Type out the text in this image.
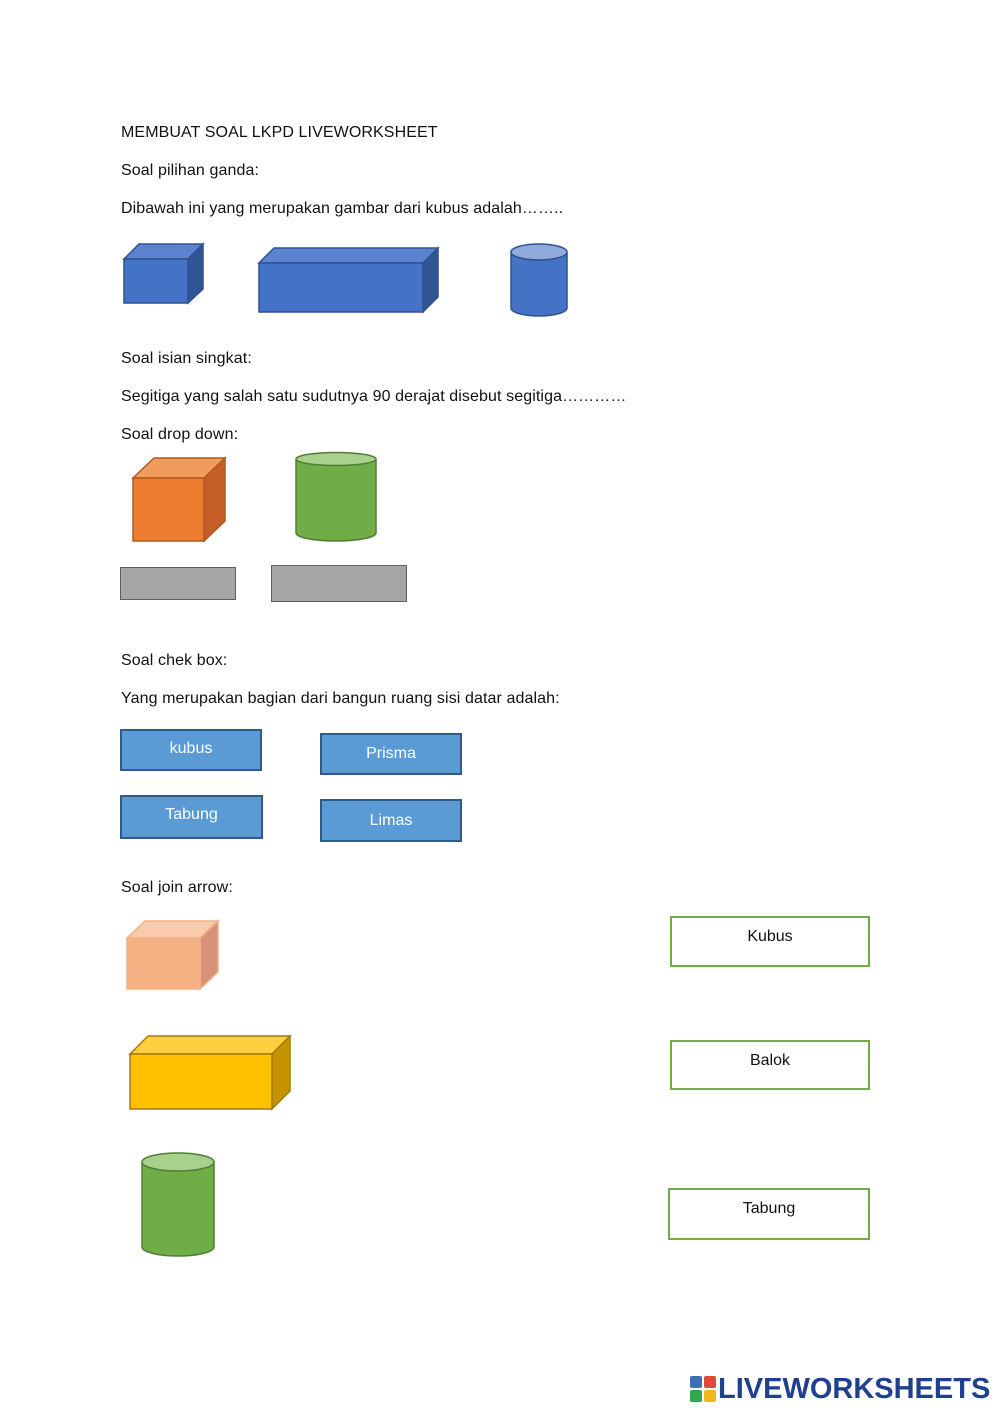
MEMBUAT SOAL LKPD LIVEWORKSHEET
Soal pilihan ganda:
Dibawah ini yang merupakan gambar dari kubus adalah……..
Soal isian singkat:
Segitiga yang salah satu sudutnya 90 derajat disebut segitiga…………
Soal drop down:
Soal chek box:
Yang merupakan bagian dari bangun ruang sisi datar adalah:
kubus	Prisma
Tabung	Limas
Soal join arrow:
Kubus
Balok
Tabung
LIVEWORKSHEETS
